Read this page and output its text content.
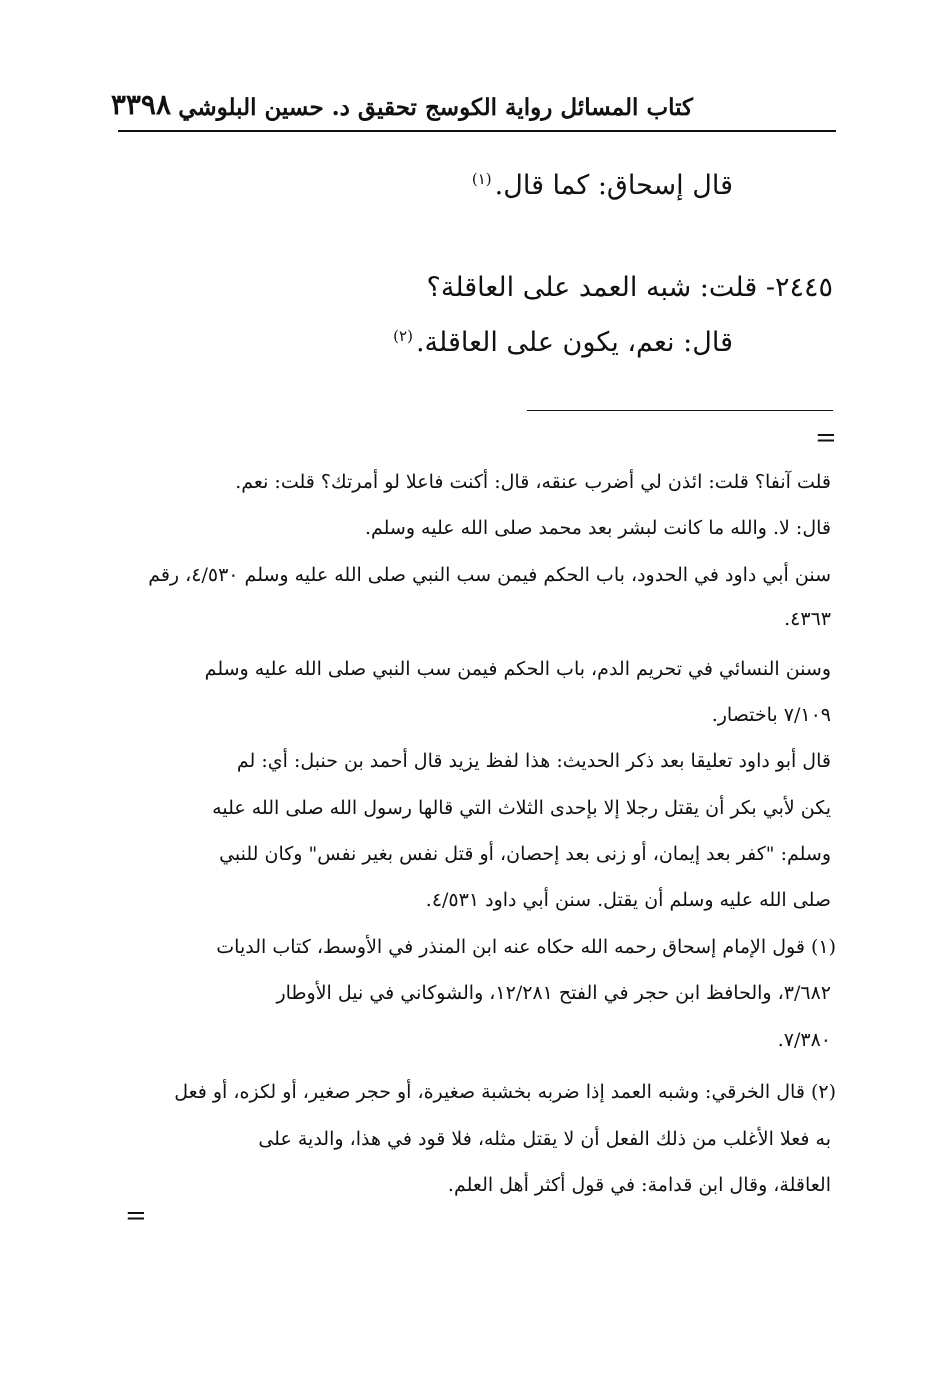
كتاب المسائل رواية الكوسج تحقيق د. حسين البلوشي
٣٣٩٨
قال إسحاق: كما قال.$^{(١)}$
٢٤٤٥- قلت: شبه العمد على العاقلة؟
قال: نعم، يكون على العاقلة.$^{(٢)}$
=
قلت آنفا؟ قلت: ائذن لي أضرب عنقه، قال: أكنت فاعلا لو أمرتك؟ قلت: نعم.
قال: لا. والله ما كانت لبشر بعد محمد صلى الله عليه وسلم.
سنن أبي داود في الحدود، باب الحكم فيمن سب النبي صلى الله عليه وسلم ٤/٥٣٠، رقم
٤٣٦٣.
وسنن النسائي في تحريم الدم، باب الحكم فيمن سب النبي صلى الله عليه وسلم
٧/١٠٩ باختصار.
قال أبو داود تعليقا بعد ذكر الحديث: هذا لفظ يزيد قال أحمد بن حنبل: أي: لم
يكن لأبي بكر أن يقتل رجلا إلا بإحدى الثلاث التي قالها رسول الله صلى الله عليه
وسلم: "كفر بعد إيمان، أو زنى بعد إحصان، أو قتل نفس بغير نفس" وكان للنبي
صلى الله عليه وسلم أن يقتل. سنن أبي داود ٤/٥٣١.
(١) قول الإمام إسحاق رحمه الله حكاه عنه ابن المنذر في الأوسط، كتاب الديات
٣/٦٨٢، والحافظ ابن حجر في الفتح ١٢/٢٨١، والشوكاني في نيل الأوطار
٧/٣٨٠.
(٢) قال الخرقي: وشبه العمد إذا ضربه بخشبة صغيرة، أو حجر صغير، أو لكزه، أو فعل
به فعلا الأغلب من ذلك الفعل أن لا يقتل مثله، فلا قود في هذا، والدية على
العاقلة، وقال ابن قدامة: في قول أكثر أهل العلم.
=
